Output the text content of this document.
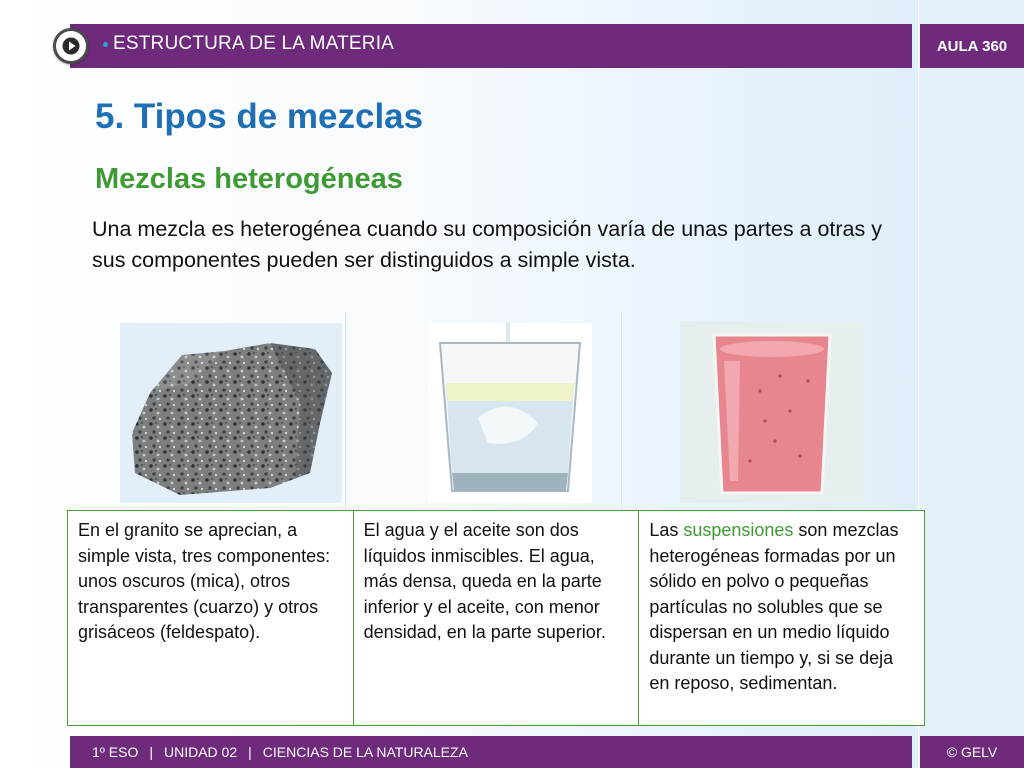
ESTRUCTURA DE LA MATERIA	AULA 360
5. Tipos de mezclas
Mezclas heterogéneas

Una mezcla es heterogénea cuando su composición varía de unas partes a otras y sus componentes pueden ser distinguidos a simple vista.

En el granito se aprecian, a simple vista, tres componentes: unos oscuros (mica), otros transparentes (cuarzo) y otros grisáceos (feldespato).	El agua y el aceite son dos líquidos inmiscibles. El agua, más densa, queda en la parte inferior y el aceite, con menor densidad, en la parte superior.	Las suspensiones son mezclas heterogéneas formadas por un sólido en polvo o pequeñas partículas no solubles que se dispersan en un medio líquido durante un tiempo y, si se deja en reposo, sedimentan.
1º ESO | UNIDAD 02 | CIENCIAS DE LA NATURALEZA	© GELV
